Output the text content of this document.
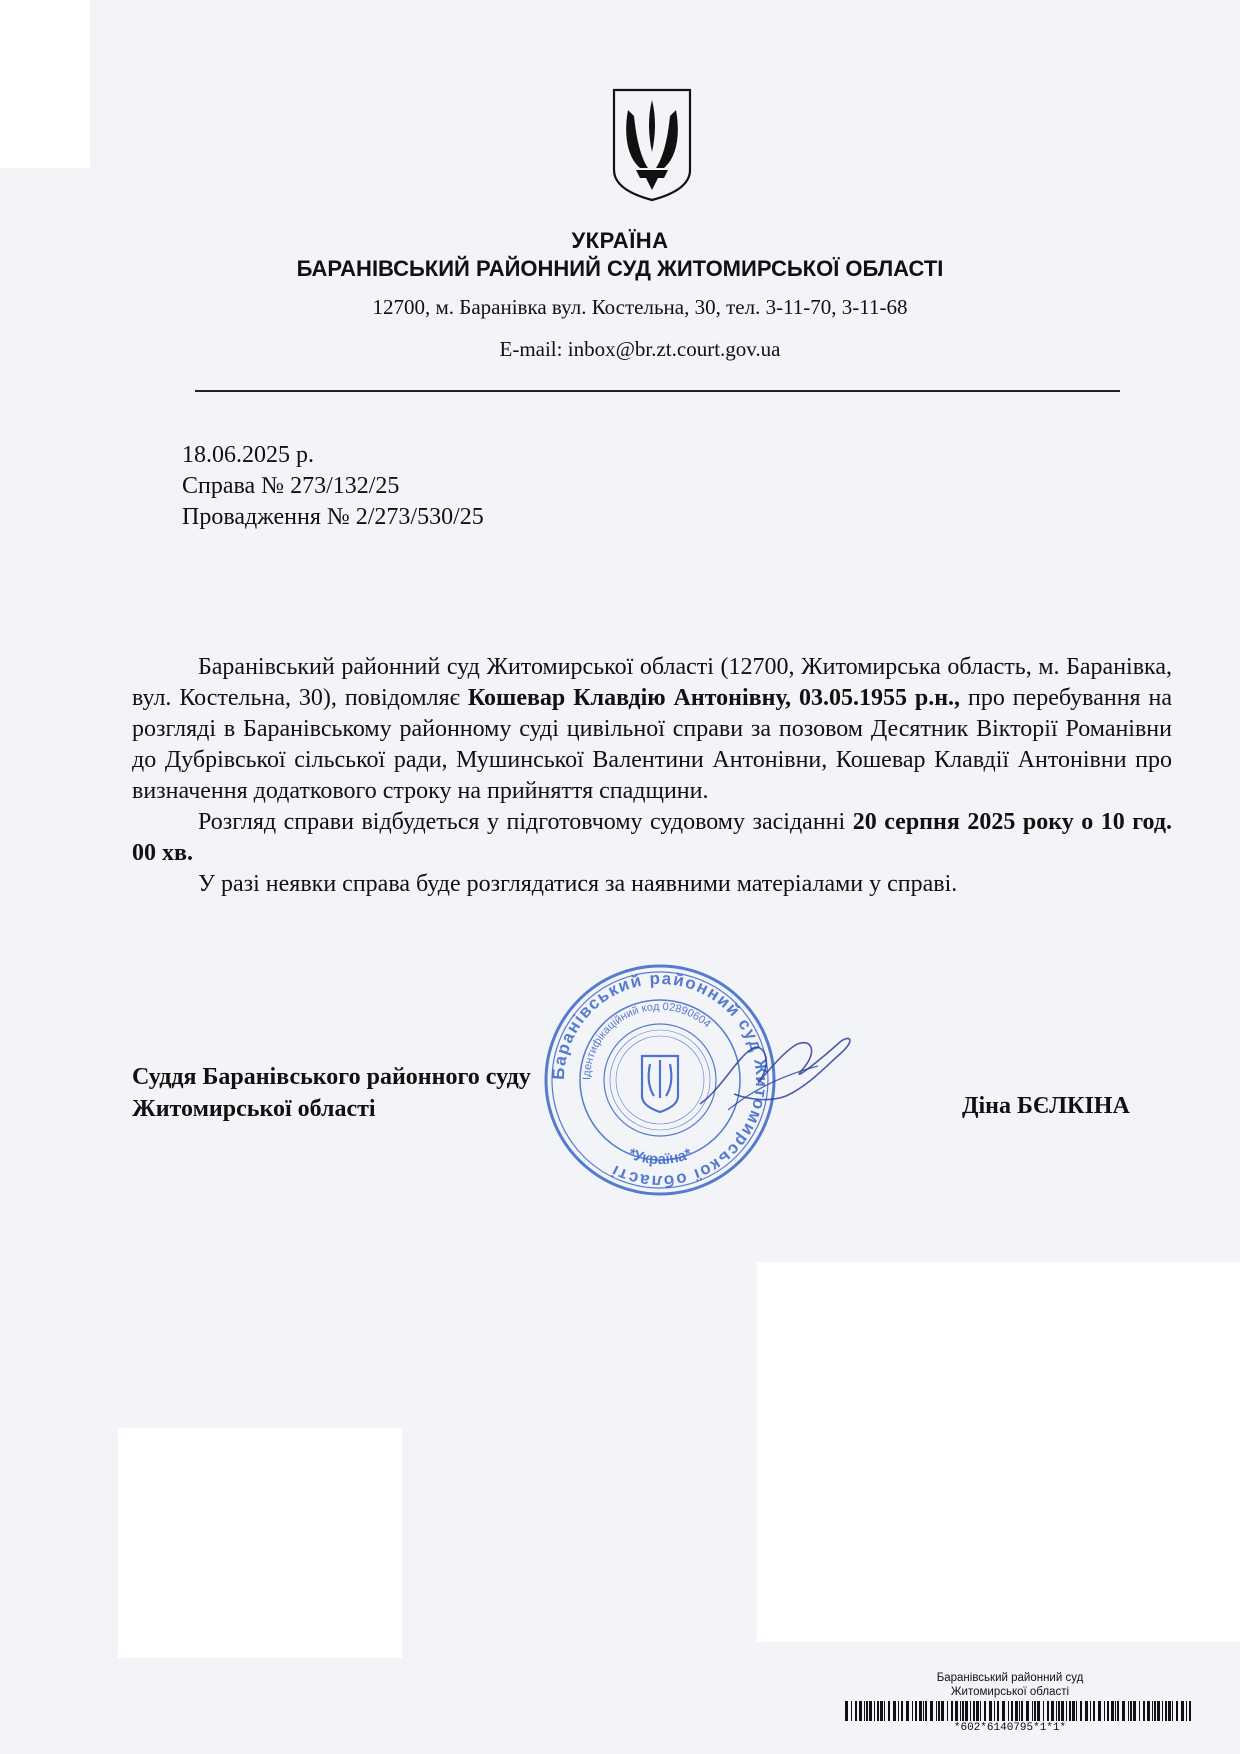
УКРАЇНА
БАРАНІВСЬКИЙ РАЙОННИЙ СУД ЖИТОМИРСЬКОЇ ОБЛАСТІ
12700, м. Баранівка вул. Костельна, 30, тел. 3-11-70, 3-11-68
E-mail: inbox@br.zt.court.gov.ua
18.06.2025 р.
Справа № 273/132/25
Провадження № 2/273/530/25

Баранівський районний суд Житомирської області (12700, Житомирська область, м. Баранівка, вул. Костельна, 30), повідомляє Кошевар Клавдію Антонівну, 03.05.1955 р.н., про перебування на розгляді в Баранівському районному суді цивільної справи за позовом Десятник Вікторії Романівни до Дубрівської сільської ради, Мушинської Валентини Антонівни, Кошевар Клавдії Антонівни про визначення додаткового строку на прийняття спадщини.

Розгляд справи відбудеться у підготовчому судовому засіданні 20 серпня 2025 року о 10 год. 00 хв.

У разі неявки справа буде розглядатися за наявними матеріалами у справі.

Баранівський районний суд Житомирської області
Ідентифікаційний код 02890604
*Україна*
Суддя Баранівського районного суду
Житомирської області	Діна БЄЛКІНА
Баранівський районний суд
Житомирської області
*602*6140795*1*1*
